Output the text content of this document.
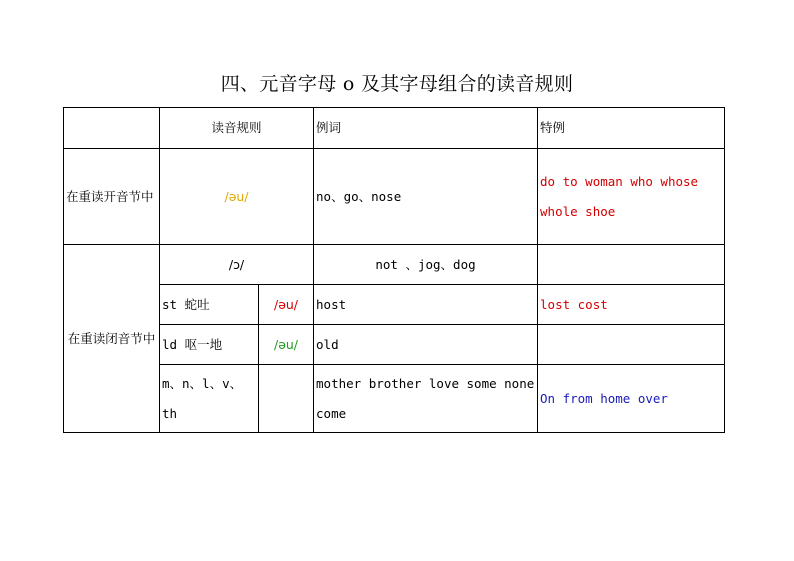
四、元音字母 o 及其字母组合的读音规则
	读音规则		例词	特例
在重读开音节中	/əu/		no、go、nose	do to woman who whose whole shoe
在重读闭音节中	/ɔ/		not 、jog、dog	
	st 蛇吐	/əu/	host	lost cost
	ld 呕一地	/əu/	old	
	m、n、l、v、th		mother brother love some none come	On from home over
